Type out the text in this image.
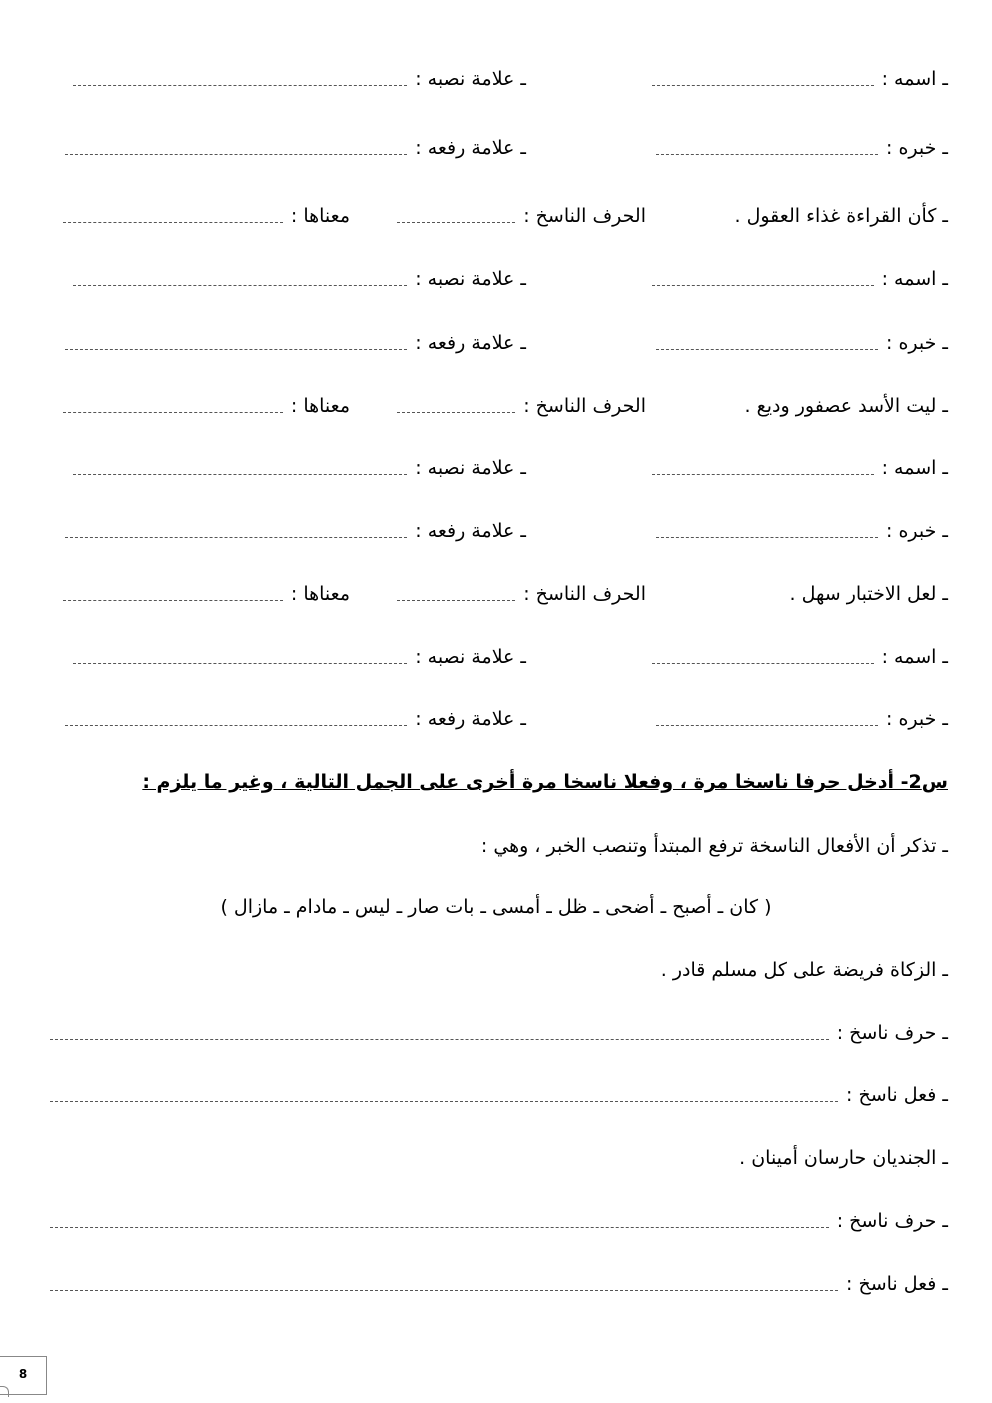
ـ اسمه :
ـ علامة نصبه :
ـ خبره :
ـ علامة رفعه :
ـ كأن القراءة غذاء العقول .
الحرف الناسخ :
معناها :
ـ اسمه :
ـ علامة نصبه :
ـ خبره :
ـ علامة رفعه :
ـ ليت الأسد عصفور وديع .
الحرف الناسخ :
معناها :
ـ اسمه :
ـ علامة نصبه :
ـ خبره :
ـ علامة رفعه :
ـ لعل الاختبار سهل .
الحرف الناسخ :
معناها :
ـ اسمه :
ـ علامة نصبه :
ـ خبره :
ـ علامة رفعه :
س2- أدخل حرفا ناسخا مرة ، وفعلا ناسخا مرة أخرى على الجمل التالية ، وغير ما يلزم :
ـ تذكر أن الأفعال الناسخة ترفع المبتدأ وتنصب الخبر ، وهي :
( كان ـ أصبح ـ أضحى ـ ظل ـ أمسى ـ بات صار ـ ليس ـ مادام ـ مازال )
ـ الزكاة فريضة على كل مسلم قادر .
ـ حرف ناسخ :
ـ فعل ناسخ :
ـ الجنديان حارسان أمينان .
ـ حرف ناسخ :
ـ فعل ناسخ :
8
